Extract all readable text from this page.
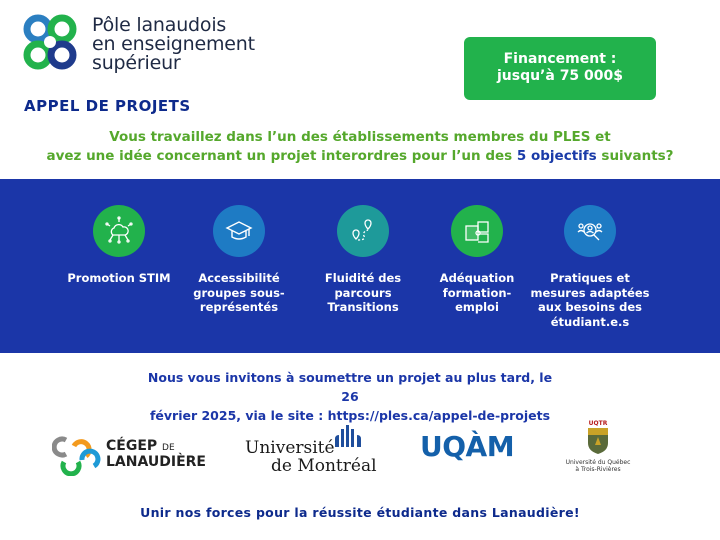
Pôle lanaudois
en enseignement
supérieur	Financement :
jusqu’à 75 000$
APPEL DE PROJETS
Vous travaillez dans l’un des établissements membres du PLES et
avez une idée concernant un projet interordres pour l’un des 5 objectifs suivants?
Promotion STIM	Accessibilité
groupes sous-
représentés
Fluidité des parcours
Transitions
Adéquation
formation-
emploi
Pratiques et
mesures adaptées
aux besoins des
étudiant.e.s
Nous vous invitons à soumettre un projet au plus tard, le 26
février 2025, via le site : https://ples.ca/appel-de-projets
CÉGEP DE
LANAUDIÈRE
Université
de Montréal
UQÀM
UQTR
Université du Québec
à Trois-Rivières
Unir nos forces pour la réussite étudiante dans Lanaudière!
